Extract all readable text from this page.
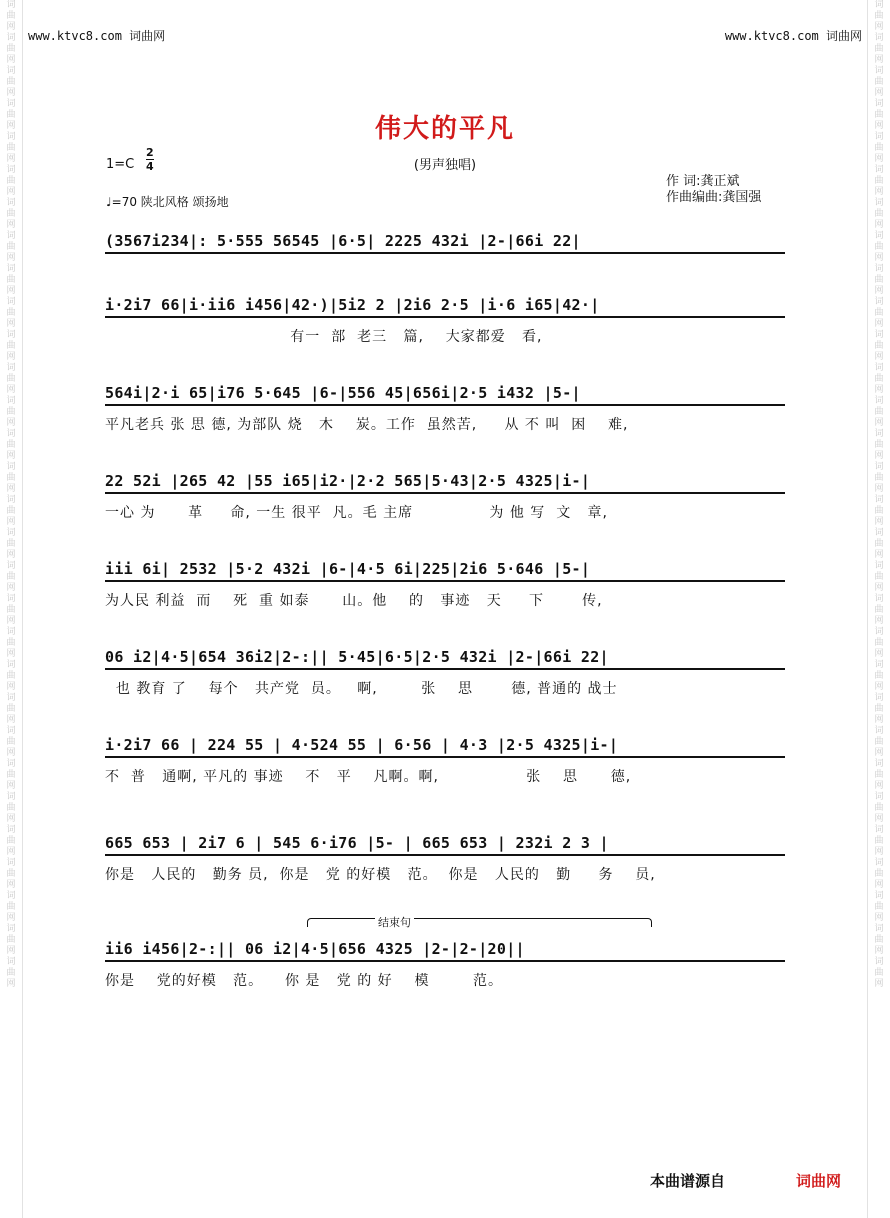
词曲网词曲网词曲网词曲网词曲网词曲网词曲网词曲网词曲网词曲网词曲网词曲网词曲网词曲网词曲网词曲网词曲网词曲网词曲网词曲网词曲网词曲网词曲网词曲网词曲网词曲网词曲网词曲网词曲网词曲网
词曲网词曲网词曲网词曲网词曲网词曲网词曲网词曲网词曲网词曲网词曲网词曲网词曲网词曲网词曲网词曲网词曲网词曲网词曲网词曲网词曲网词曲网词曲网词曲网词曲网词曲网词曲网词曲网词曲网词曲网
www.ktvc8.com 词曲网	www.ktvc8.com 词曲网
伟大的平凡
(男声独唱)
1=C
2
4
♩=70 陕北风格 颂扬地
作 词:龚正斌
作曲编曲:龚国强
(3567i234|: 5·555 56545 |6·5| 2225 432i |2-|66i 22|
i·2i7 66|i·ii6 i456|42·)|5i2 2 |2i6 2·5 |i·6 i65|42·|
有一  部  老三   篇,    大家都爱   看,
564i|2·i 65|i76 5·645 |6-|556 45|656i|2·5 i432 |5-|
平凡老兵 张 思 德, 为部队 烧   木    炭。工作  虽然苦,     从 不 叫  困    难,
22 52i |265 42 |55 i65|i2·|2·2 565|5·43|2·5 4325|i-|
一心 为      革     命, 一生 很平  凡。毛 主席              为 他 写  文   章,
iii 6i| 2532 |5·2 432i |6-|4·5 6i|225|2i6 5·646 |5-|
为人民 利益  而    死  重 如泰      山。他    的   事迹   天     下       传,
06 i2|4·5|654 36i2|2-:|| 5·45|6·5|2·5 432i |2-|66i 22|
也 教育 了    每个   共产党  员。   啊,        张    思       德, 普通的 战士
i·2i7 66 | 224 55 | 4·524 55 | 6·56 | 4·3 |2·5 4325|i-|
不  普   通啊, 平凡的 事迹    不   平    凡啊。啊,                张    思      德,
665 653 | 2i7 6 | 545 6·i76 |5- | 665 653 | 232i 2 3 |
你是   人民的   勤务 员,  你是   党 的好模   范。  你是   人民的   勤     务    员,
结束句
ii6 i456|2-:|| 06 i2|4·5|656 4325 |2-|2-|20||
你是    党的好模   范。    你 是   党 的 好    模        范。
本曲谱源自	词曲网
